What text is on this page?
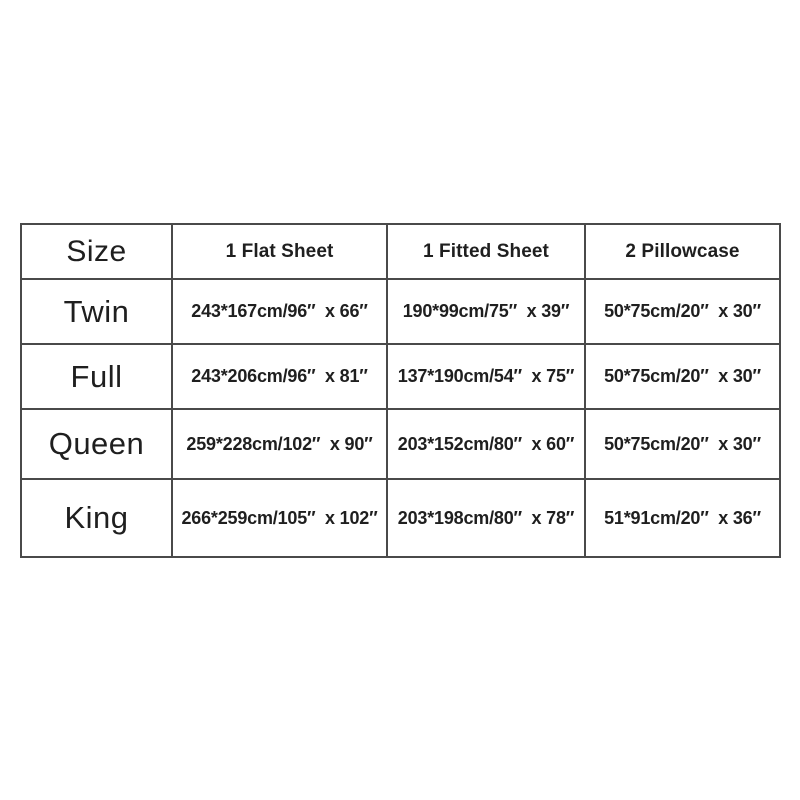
Size	1 Flat Sheet	1 Fitted Sheet	2 Pillowcase
Twin	243*167cm/96″  x 66″	190*99cm/75″  x 39″	50*75cm/20″  x 30″
Full	243*206cm/96″  x 81″	137*190cm/54″  x 75″	50*75cm/20″  x 30″
Queen	259*228cm/102″  x 90″	203*152cm/80″  x 60″	50*75cm/20″  x 30″
King	266*259cm/105″  x 102″	203*198cm/80″  x 78″	51*91cm/20″  x 36″
